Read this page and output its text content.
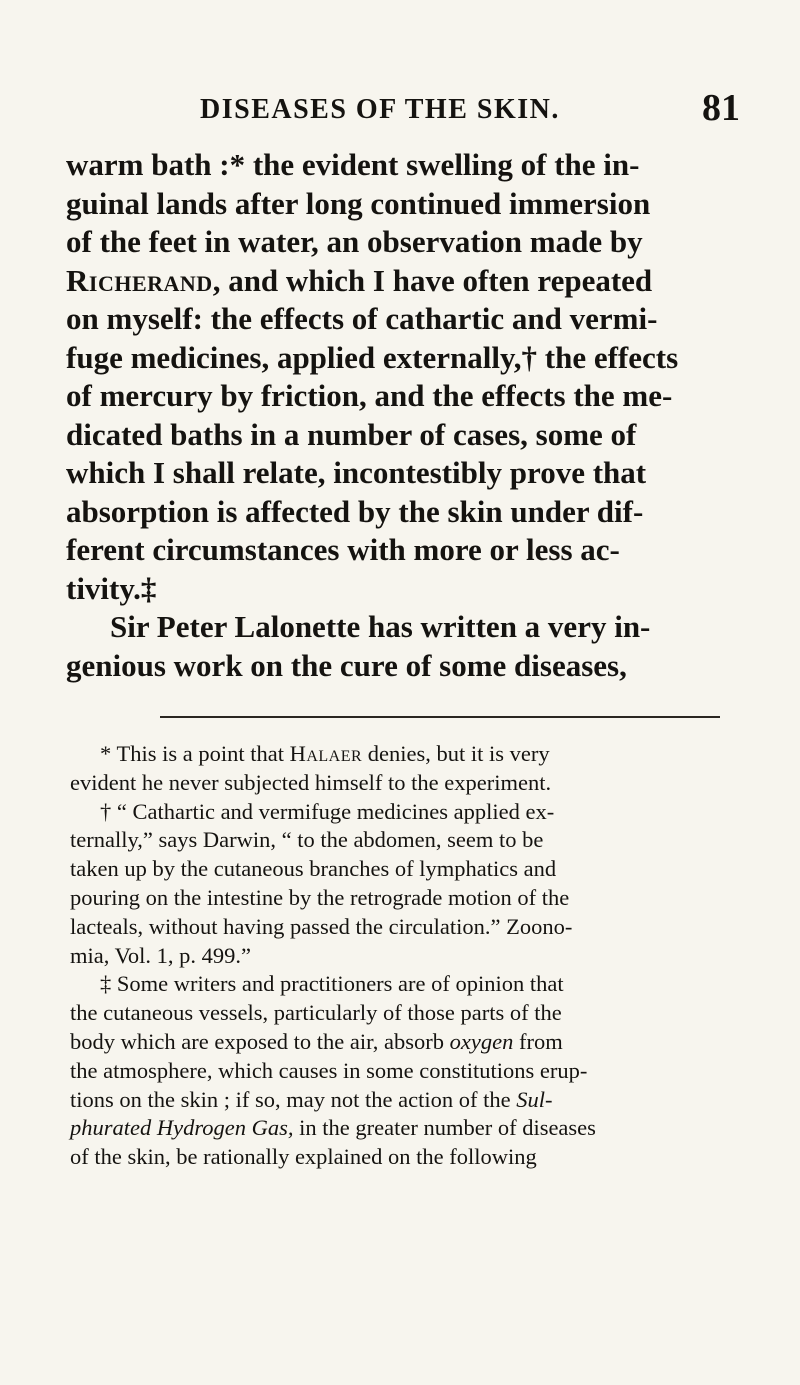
DISEASES OF THE SKIN.	81
warm bath :* the evident swelling of the in-
guinal lands after long continued immersion
of the feet in water, an observation made by
Richerand, and which I have often repeated
on myself: the effects of cathartic and vermi-
fuge medicines, applied externally,† the effects
of mercury by friction, and the effects the me-
dicated baths in a number of cases, some of
which I shall relate, incontestibly prove that
absorption is affected by the skin under dif-
ferent circumstances with more or less ac-
tivity.‡
Sir Peter Lalonette has written a very in-
genious work on the cure of some diseases,
* This is a point that Halaer denies, but it is very
evident he never subjected himself to the experiment.
† “ Cathartic and vermifuge medicines applied ex-
ternally,” says Darwin, “ to the abdomen, seem to be
taken up by the cutaneous branches of lymphatics and
pouring on the intestine by the retrograde motion of the
lacteals, without having passed the circulation.” Zoono-
mia, Vol. 1, p. 499.”
‡ Some writers and practitioners are of opinion that
the cutaneous vessels, particularly of those parts of the
body which are exposed to the air, absorb oxygen from
the atmosphere, which causes in some constitutions erup-
tions on the skin ; if so, may not the action of the Sul-
phurated Hydrogen Gas, in the greater number of diseases
of the skin, be rationally explained on the following
